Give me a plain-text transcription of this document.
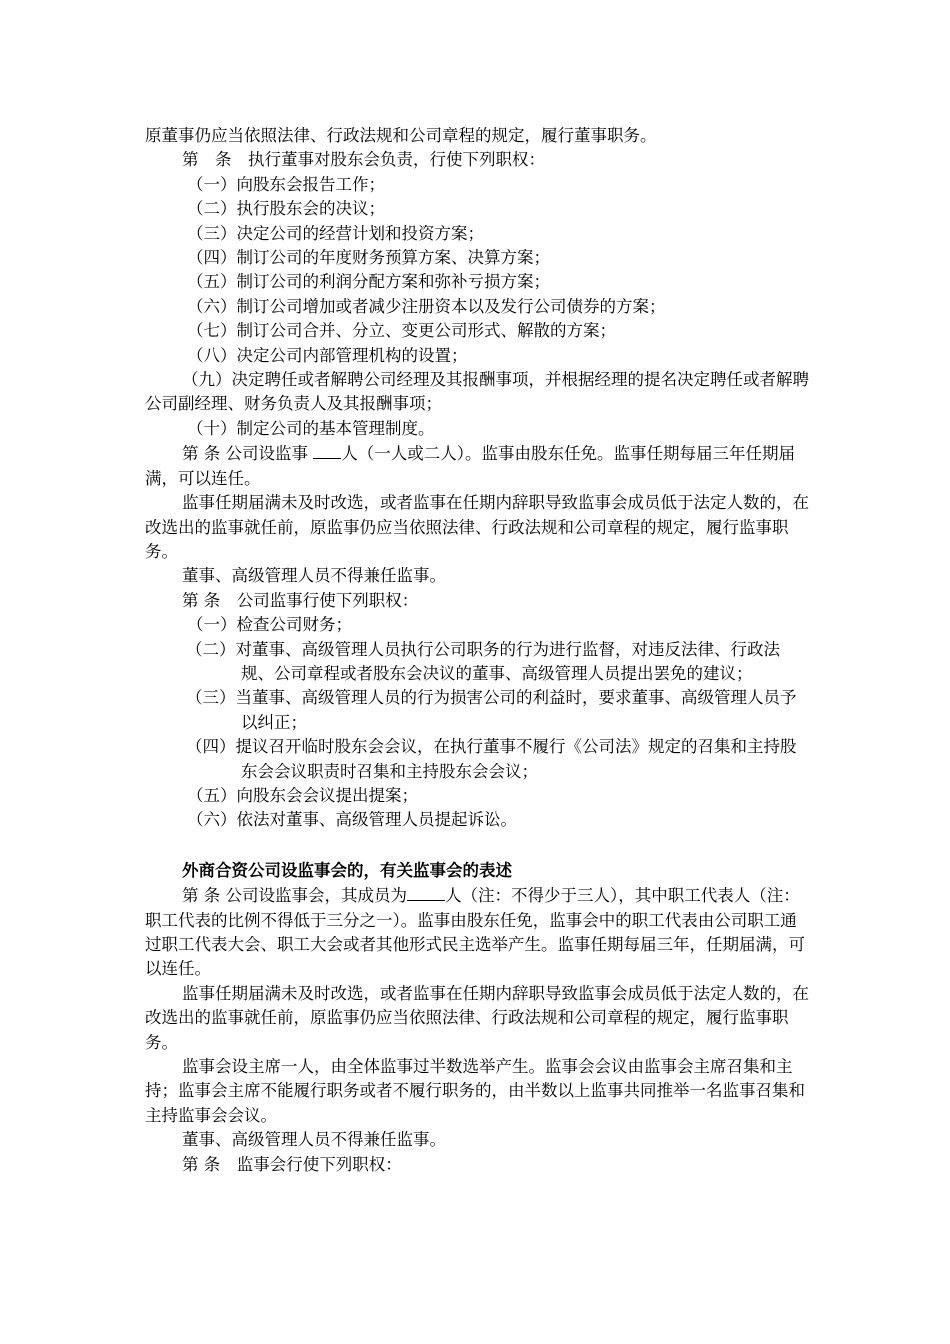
原董事仍应当依照法律、行政法规和公司章程的规定，履行董事职务。

第　条　执行董事对股东会负责，行使下列职权：

（一）向股东会报告工作；

（二）执行股东会的决议；

（三）决定公司的经营计划和投资方案；

（四）制订公司的年度财务预算方案、决算方案；

（五）制订公司的利润分配方案和弥补亏损方案；

（六）制订公司增加或者减少注册资本以及发行公司债券的方案；

（七）制订公司合并、分立、变更公司形式、解散的方案；

（八）决定公司内部管理机构的设置；

（九）决定聘任或者解聘公司经理及其报酬事项，并根据经理的提名决定聘任或者解聘公司副经理、财务负责人及其报酬事项；

（十）制定公司的基本管理制度。

第 条 公司设监事 人（一人或二人）。监事由股东任免。监事任期每届三年任期届满，可以连任。

监事任期届满未及时改选，或者监事在任期内辞职导致监事会成员低于法定人数的，在改选出的监事就任前，原监事仍应当依照法律、行政法规和公司章程的规定，履行监事职务。

董事、高级管理人员不得兼任监事。

第 条　公司监事行使下列职权：

（一）检查公司财务；

（二）对董事、高级管理人员执行公司职务的行为进行监督，对违反法律、行政法规、公司章程或者股东会决议的董事、高级管理人员提出罢免的建议；

（三）当董事、高级管理人员的行为损害公司的利益时，要求董事、高级管理人员予以纠正；

（四）提议召开临时股东会会议，在执行董事不履行《公司法》规定的召集和主持股东会会议职责时召集和主持股东会会议；

（五）向股东会会议提出提案；

（六）依法对董事、高级管理人员提起诉讼。

外商合资公司设监事会的，有关监事会的表述

第 条 公司设监事会，其成员为 人（注：不得少于三人），其中职工代表人（注：职工代表的比例不得低于三分之一）。监事由股东任免，监事会中的职工代表由公司职工通过职工代表大会、职工大会或者其他形式民主选举产生。监事任期每届三年，任期届满，可以连任。

监事任期届满未及时改选，或者监事在任期内辞职导致监事会成员低于法定人数的，在改选出的监事就任前，原监事仍应当依照法律、行政法规和公司章程的规定，履行监事职务。

监事会设主席一人，由全体监事过半数选举产生。监事会会议由监事会主席召集和主持；监事会主席不能履行职务或者不履行职务的，由半数以上监事共同推举一名监事召集和主持监事会会议。

董事、高级管理人员不得兼任监事。

第 条　监事会行使下列职权：
